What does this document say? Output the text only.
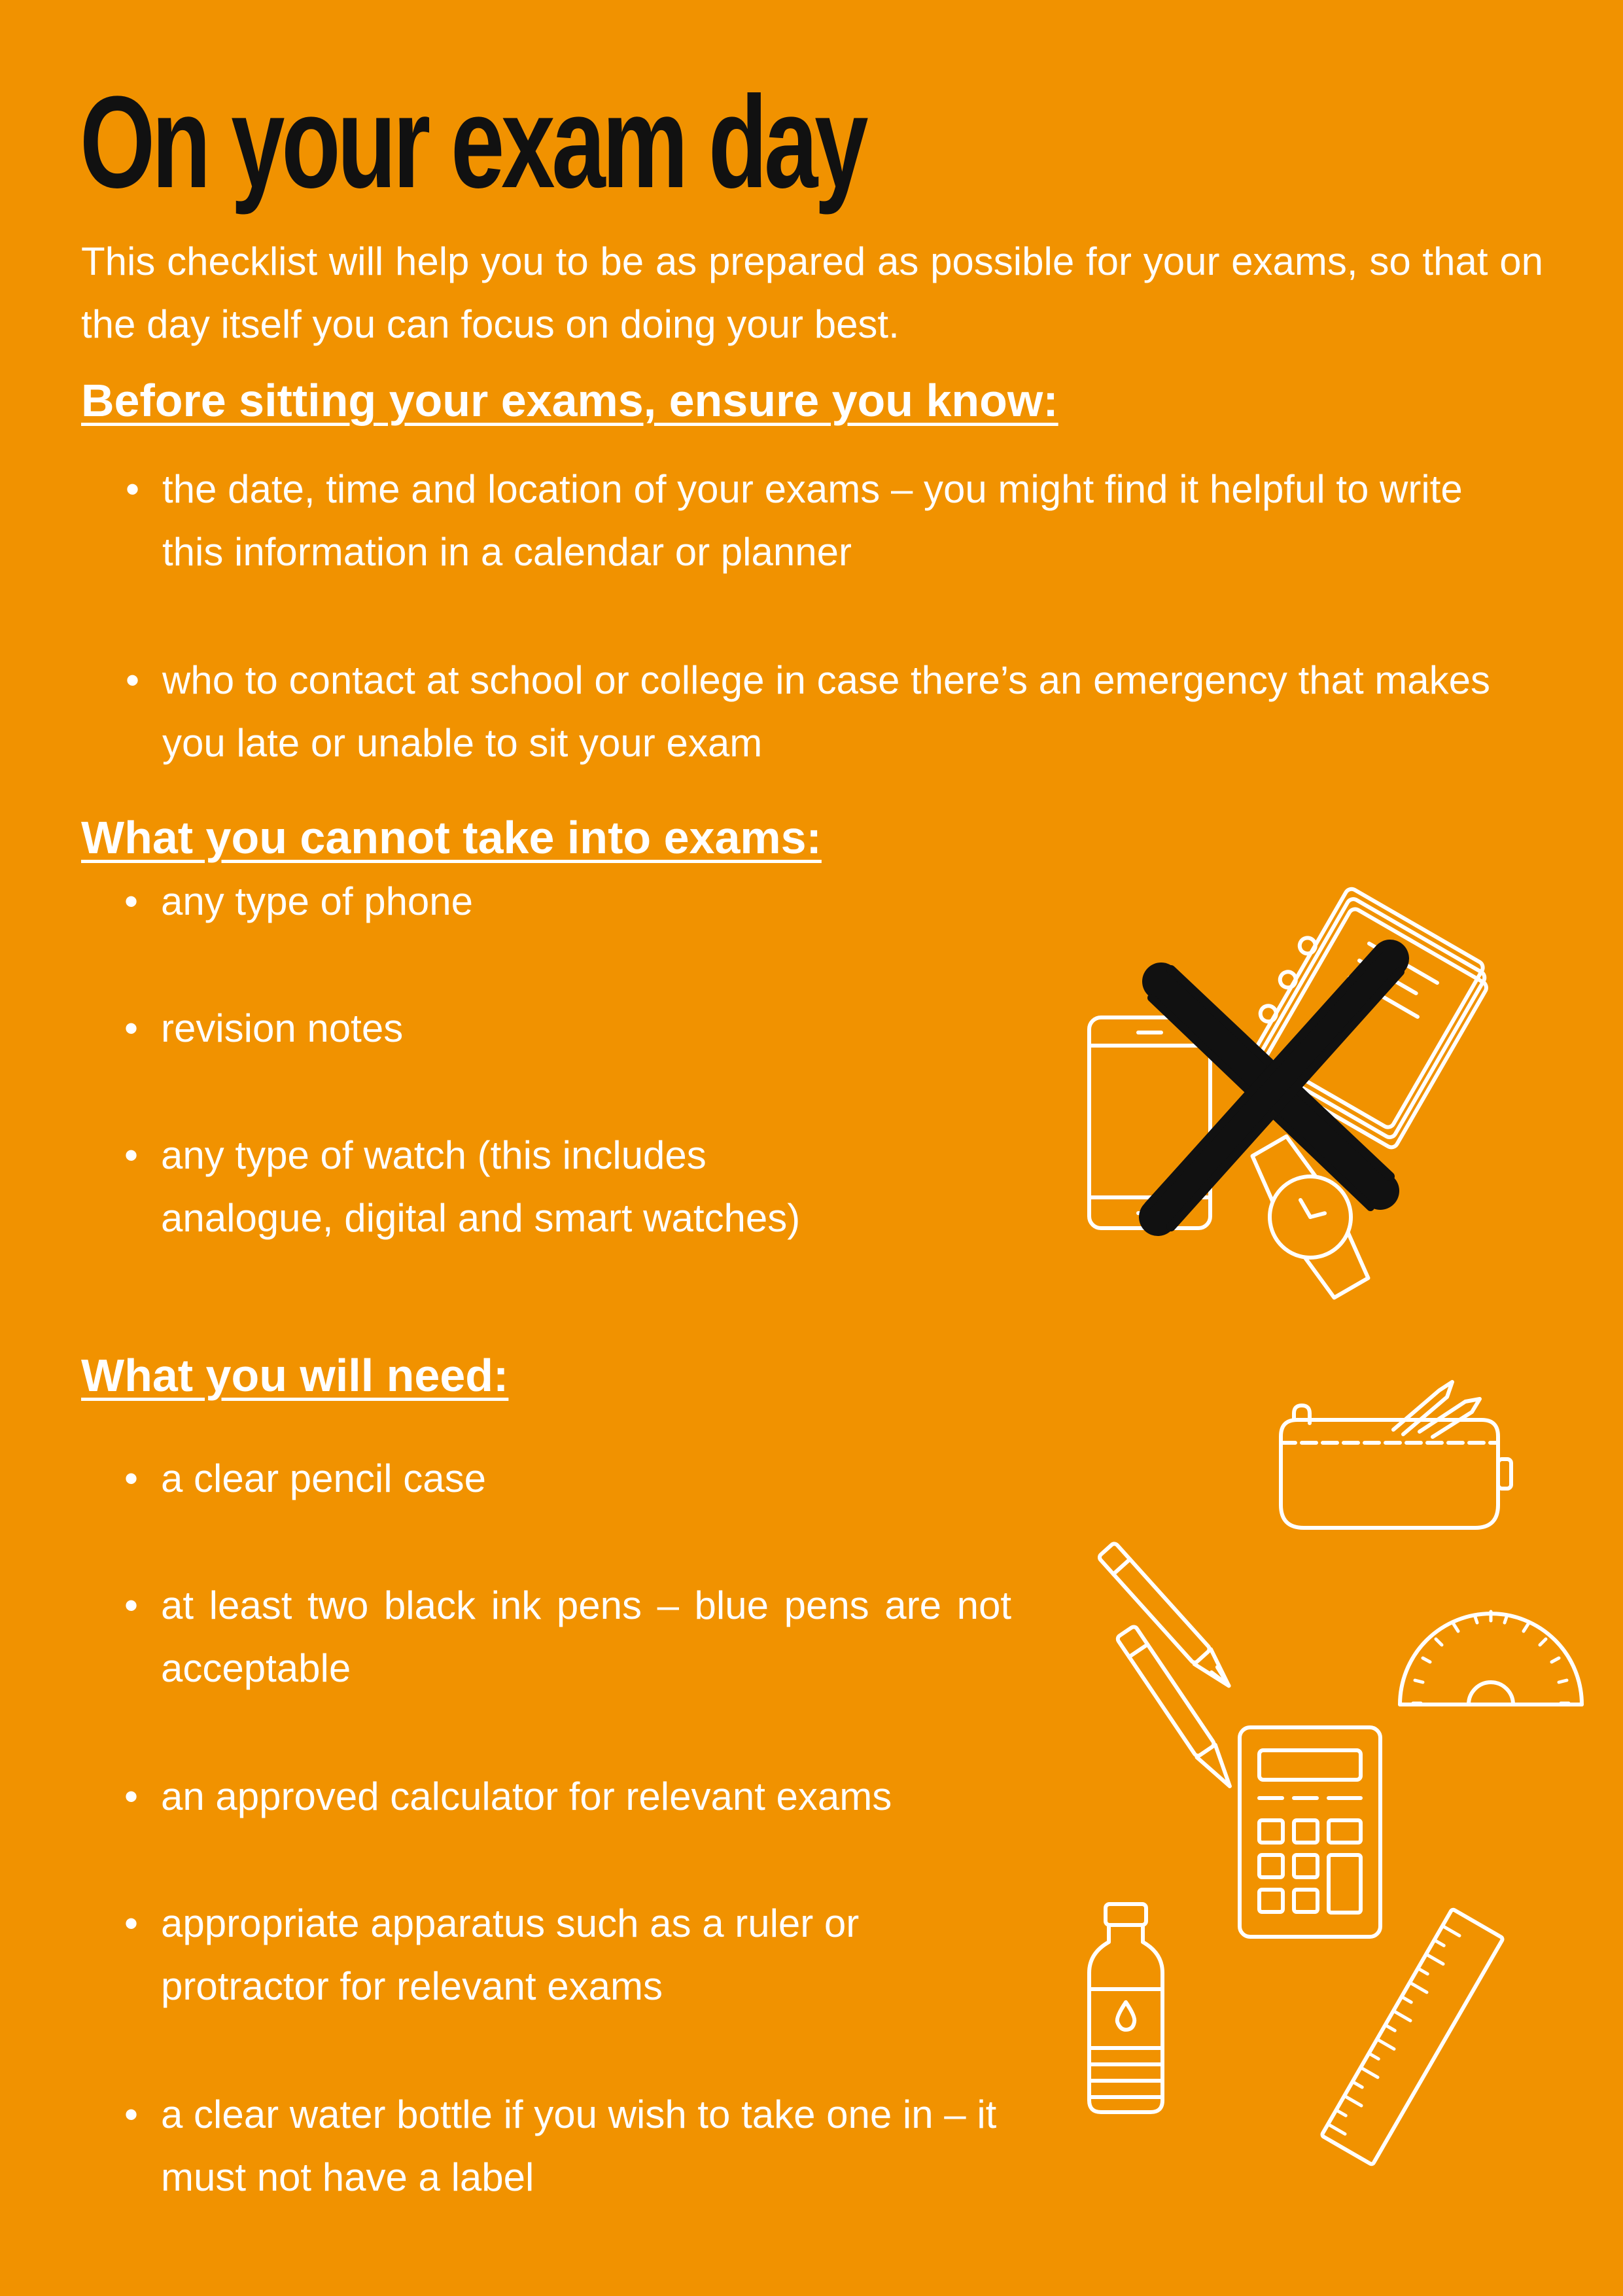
On your exam day

This checklist will help you to be as prepared as possible for your exams, so that on the day itself you can focus on doing your best.

Before sitting your exams, ensure you know:
• the date, time and location of your exams – you might find it helpful to write this information in a calendar or planner
• who to contact at school or college in case there’s an emergency that makes you late or unable to sit your exam
What you cannot take into exams:
• any type of phone
• revision notes
• any type of watch (this includes analogue, digital and smart watches)
What you will need:
• a clear pencil case
• at least two black ink pens – blue pens are not acceptable
• an approved calculator for relevant exams
• appropriate apparatus such as a ruler or protractor for relevant exams
• a clear water bottle if you wish to take one in – it must not have a label
